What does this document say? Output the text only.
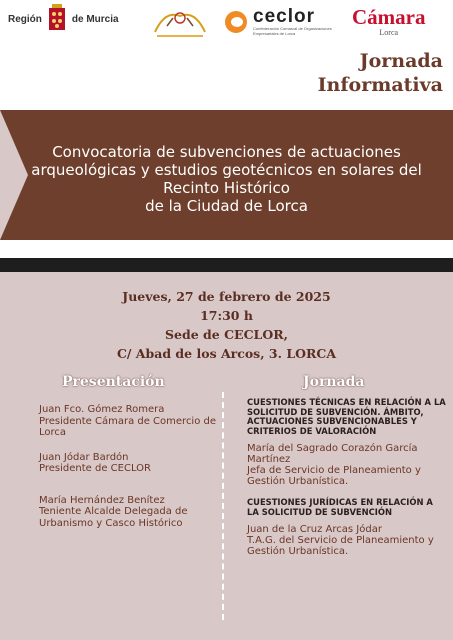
Región	de Murcia	ceclor
Confederación Comarcal de Organizaciones Empresariales de Lorca
Cámara
Lorca
Jornada
Informativa
Convocatoria de subvenciones de actuaciones
arqueológicas y estudios geotécnicos en solares del
Recinto Histórico
de la Ciudad de Lorca
Jueves, 27 de febrero de 2025
17:30 h
Sede de CECLOR,
C/ Abad de los Arcos, 3. LORCA
Presentación	Jornada
Juan Fco. Gómez Romera
Presidente Cámara de Comercio de Lorca
Juan Jódar Bardón
Presidente de CECLOR
María Hernández Benítez
Teniente Alcalde Delegada de Urbanismo y Casco Histórico
CUESTIONES TÉCNICAS EN RELACIÓN A LA SOLICITUD DE SUBVENCIÓN. ÁMBITO, ACTUACIONES SUBVENCIONABLES Y CRITERIOS DE VALORACIÓN
María del Sagrado Corazón García Martínez
Jefa de Servicio de Planeamiento y Gestión Urbanística.
CUESTIONES JURÍDICAS EN RELACIÓN A LA SOLICITUD DE SUBVENCIÓN
Juan de la Cruz Arcas Jódar
T.A.G. del Servicio de Planeamiento y Gestión Urbanística.
